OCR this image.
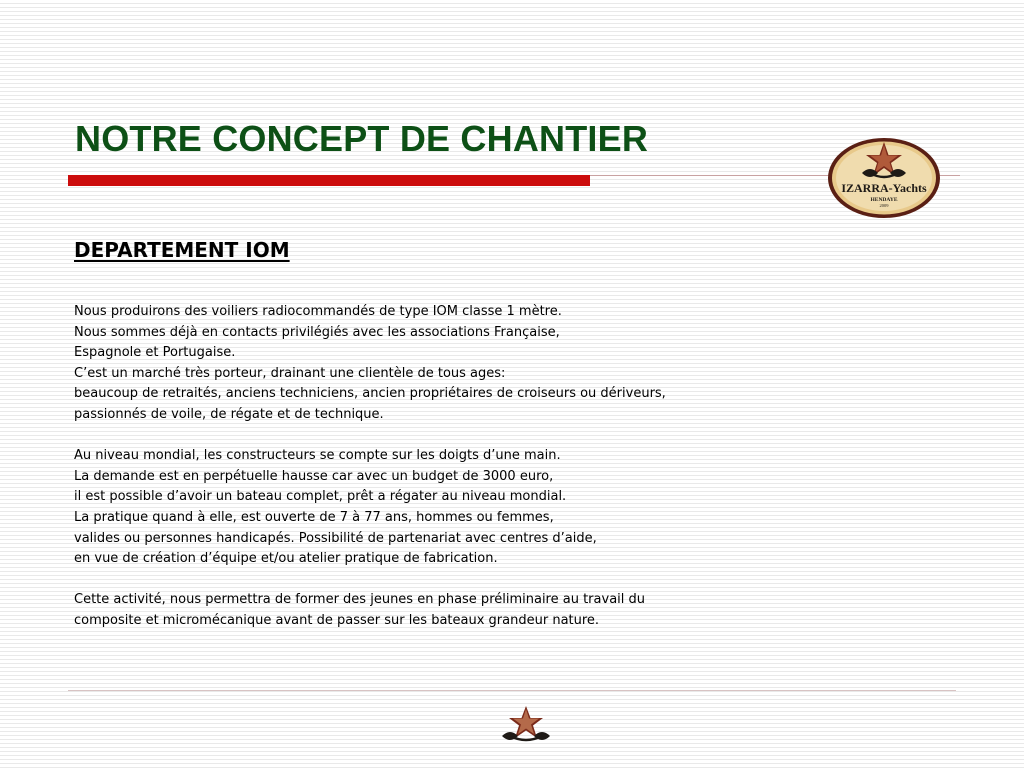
NOTRE CONCEPT DE CHANTIER
IZARRA-Yachts
HENDAYE
2009
DEPARTEMENT IOM

Nous produirons des voiliers radiocommandés de type IOM classe 1 mètre.
Nous sommes déjà en contacts privilégiés avec les associations Française,
Espagnole et Portugaise.
C’est un marché très porteur, drainant une clientèle de tous ages:
beaucoup de retraités, anciens techniciens, ancien propriétaires de croiseurs ou dériveurs,
passionnés de voile, de régate et de technique.

Au niveau mondial, les constructeurs se compte sur les doigts d’une main.
La demande est en perpétuelle hausse car avec un budget de 3000 euro,
il est possible d’avoir un bateau complet, prêt a régater au niveau mondial.
La pratique quand à elle, est ouverte de 7 à 77 ans, hommes ou femmes,
valides ou personnes handicapés. Possibilité de partenariat avec centres d’aide,
en vue de création d’équipe et/ou atelier pratique de fabrication.

Cette activité, nous permettra de former des jeunes en phase préliminaire au travail du
composite et micromécanique avant de passer sur les bateaux grandeur nature.
